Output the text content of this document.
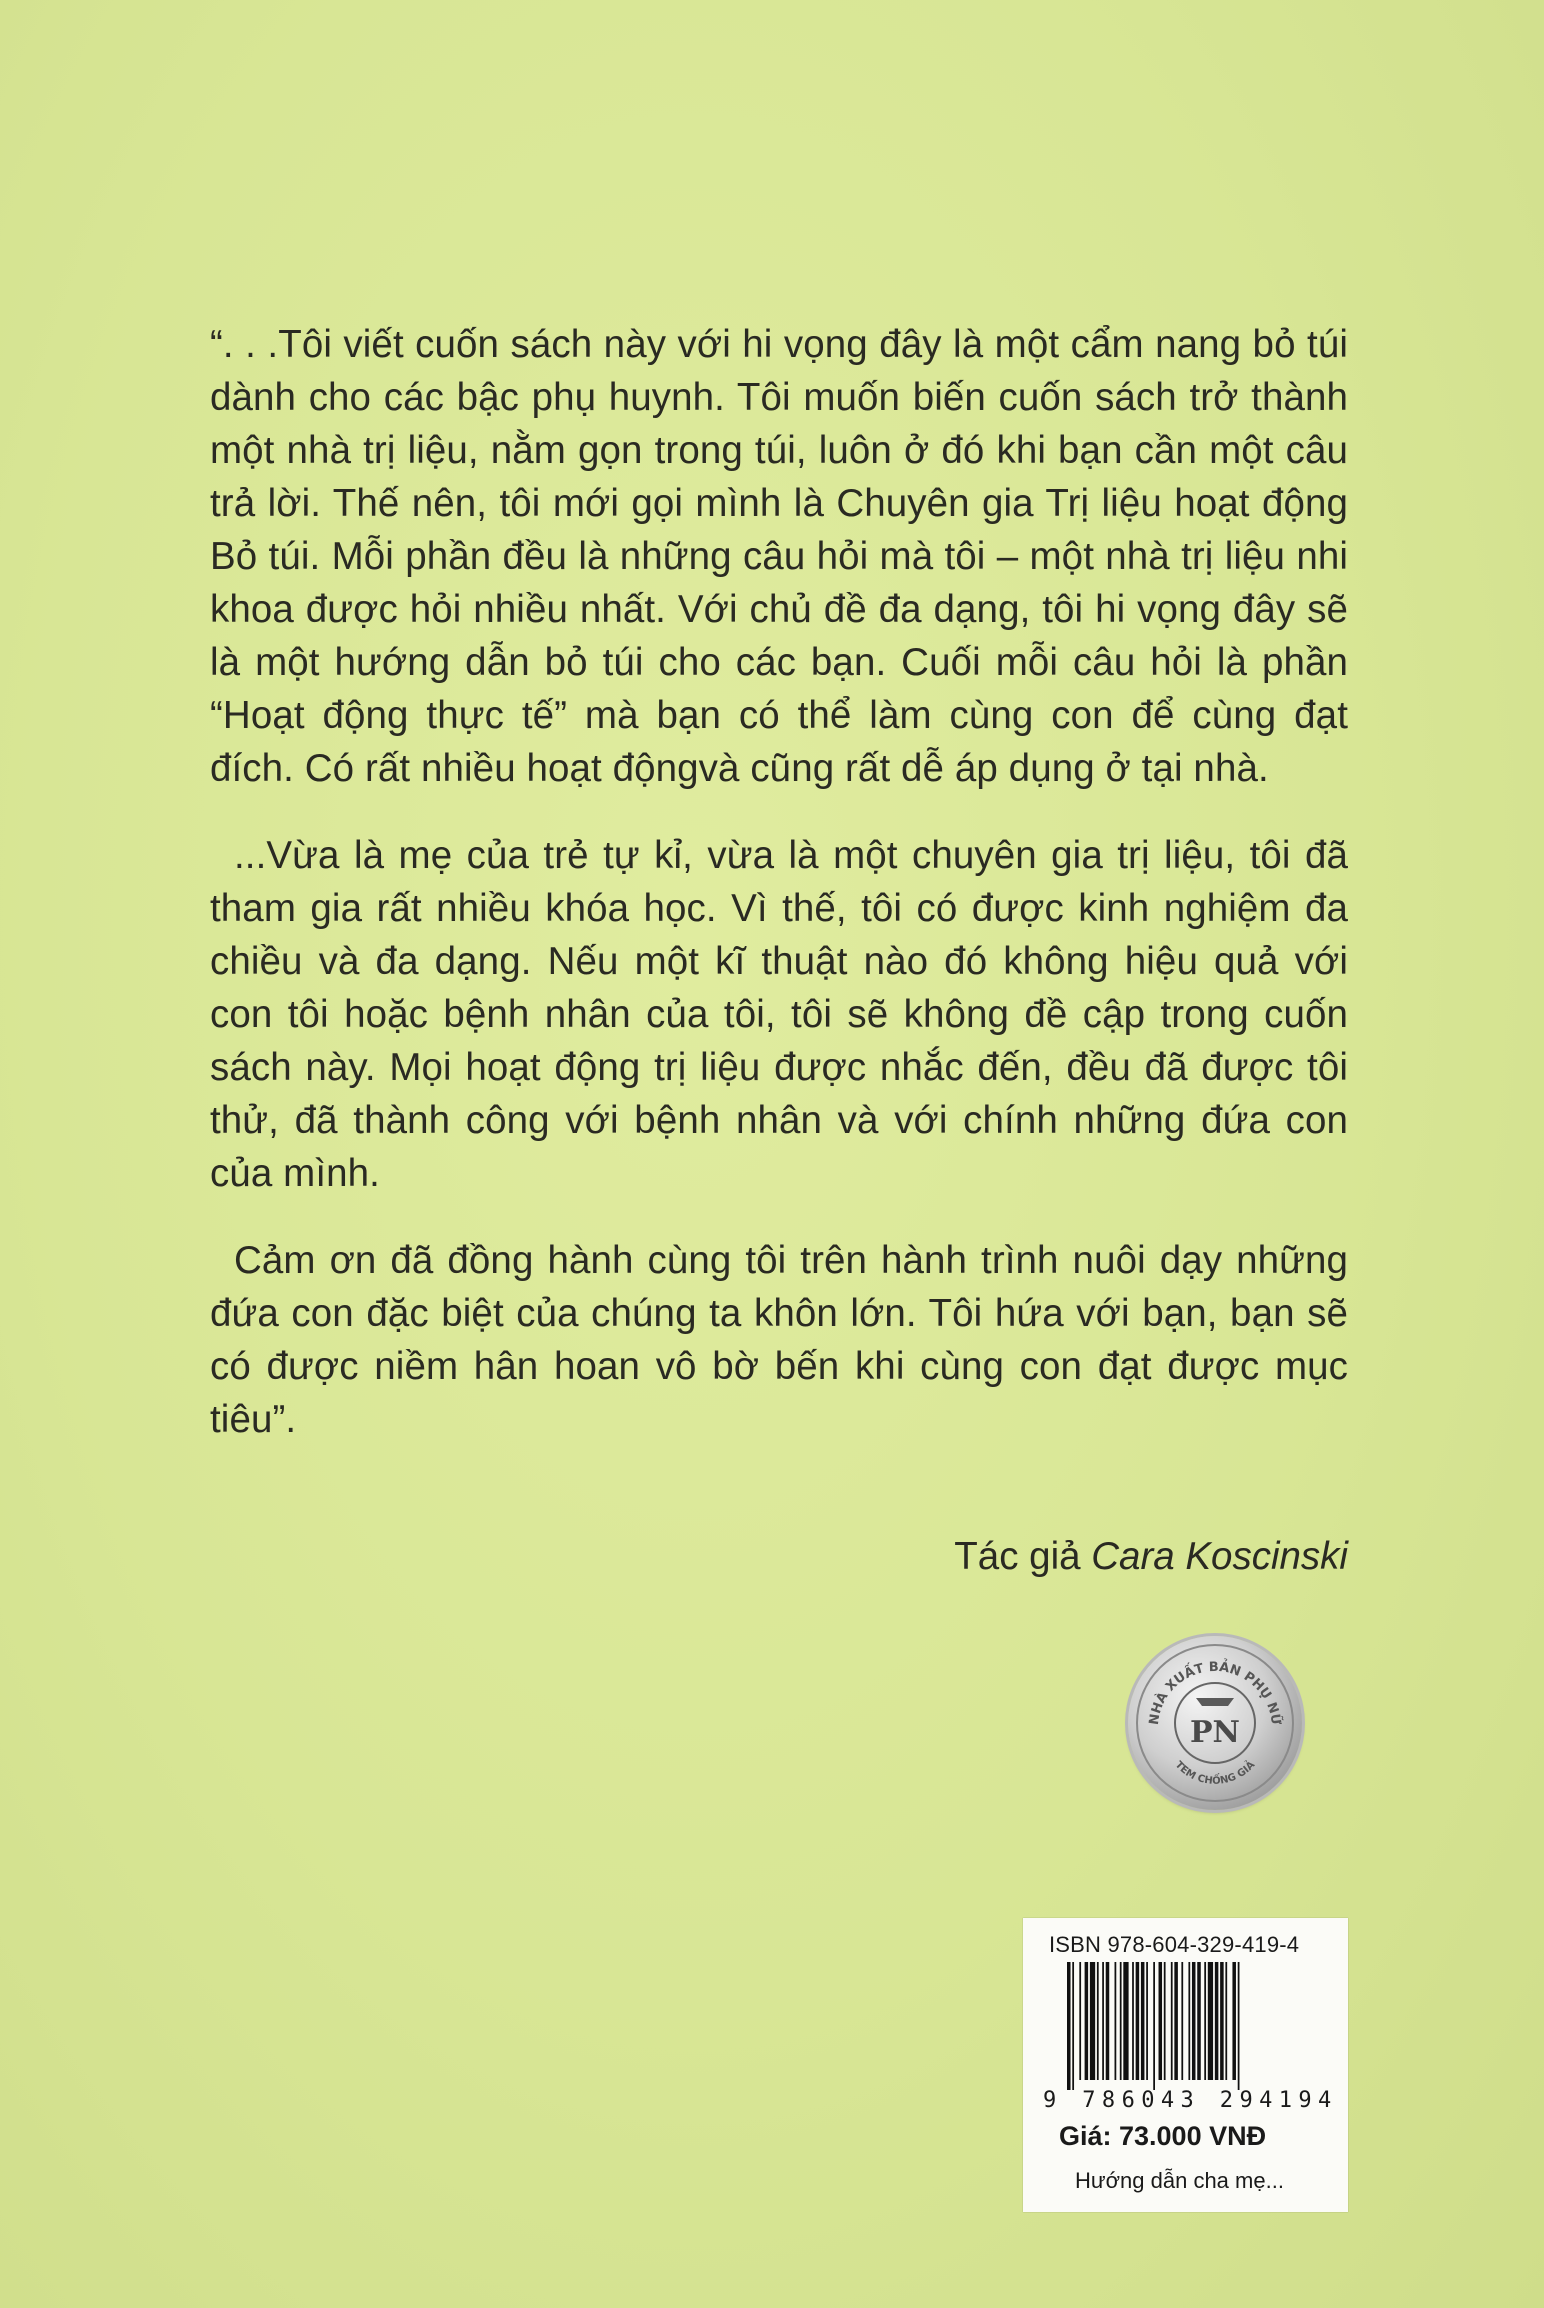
“. . .Tôi viết cuốn sách này với hi vọng đây là một cẩm nang bỏ túi dành cho các bậc phụ huynh. Tôi muốn biến cuốn sách trở thành một nhà trị liệu, nằm gọn trong túi, luôn ở đó khi bạn cần một câu trả lời. Thế nên, tôi mới gọi mình là Chuyên gia Trị liệu hoạt động Bỏ túi. Mỗi phần đều là những câu hỏi mà tôi – một nhà trị liệu nhi khoa được hỏi nhiều nhất. Với chủ đề đa dạng, tôi hi vọng đây sẽ là một hướng dẫn bỏ túi cho các bạn. Cuối mỗi câu hỏi là phần “Hoạt động thực tế” mà bạn có thể làm cùng con để cùng đạt đích. Có rất nhiều hoạt độngvà cũng rất dễ áp dụng ở tại nhà.

...Vừa là mẹ của trẻ tự kỉ, vừa là một chuyên gia trị liệu, tôi đã tham gia rất nhiều khóa học. Vì thế, tôi có được kinh nghiệm đa chiều và đa dạng. Nếu một kĩ thuật nào đó không hiệu quả với con tôi hoặc bệnh nhân của tôi, tôi sẽ không đề cập trong cuốn sách này. Mọi hoạt động trị liệu được nhắc đến, đều đã được tôi thử, đã thành công với bệnh nhân và với chính những đứa con của mình.

Cảm ơn đã đồng hành cùng tôi trên hành trình nuôi dạy những đứa con đặc biệt của chúng ta khôn lớn. Tôi hứa với bạn, bạn sẽ có được niềm hân hoan vô bờ bến khi cùng con đạt được mục tiêu”.

Tác giả Cara Koscinski
NHÀ XUẤT BẢN PHỤ NỮ
TEM CHỐNG GIẢ
PN
ISBN 978-604-329-419-4
9 786043 294194
Giá: 73.000 VNĐ
Hướng dẫn cha mẹ...
